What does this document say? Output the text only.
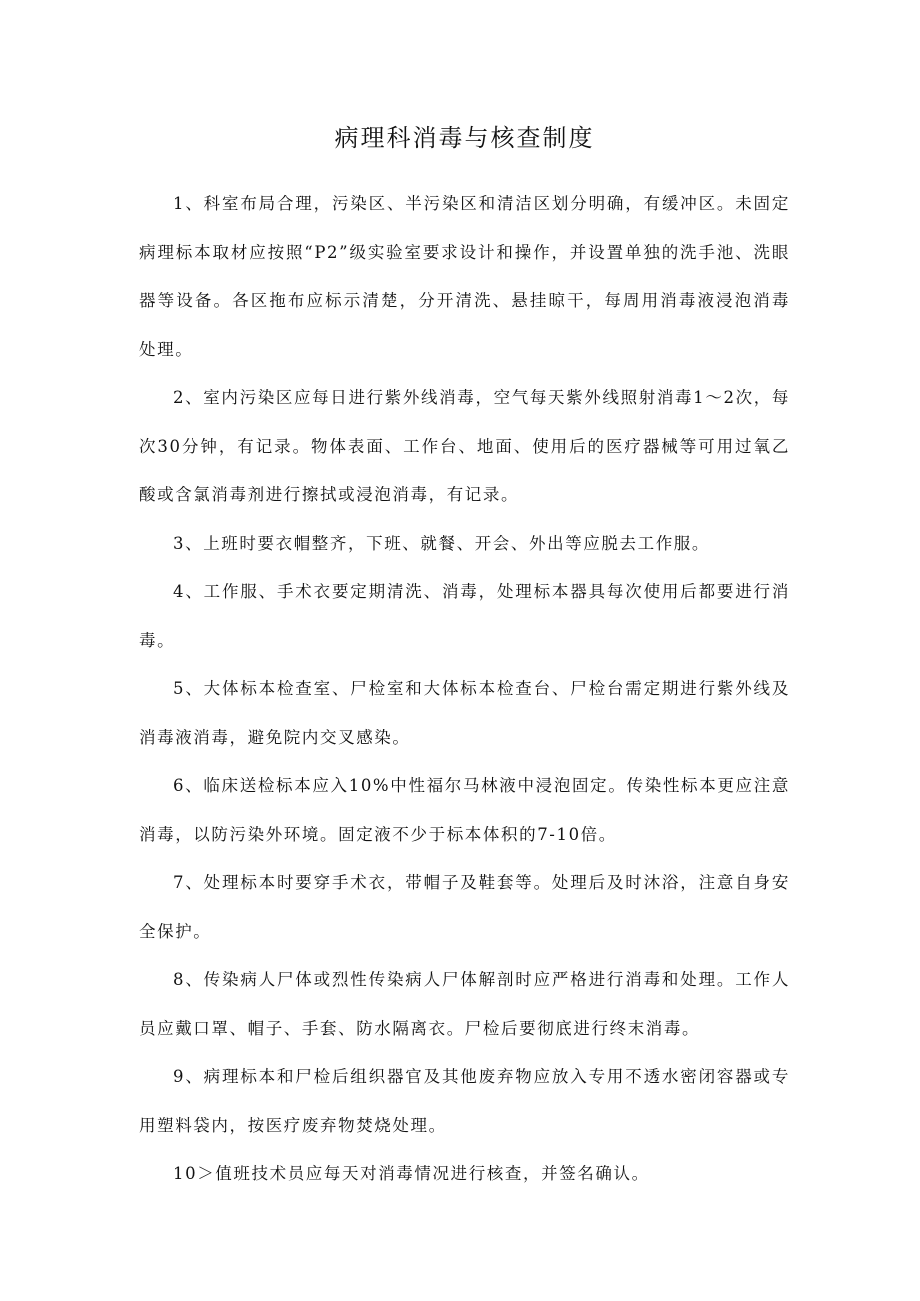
病理科消毒与核查制度

1、科室布局合理，污染区、半污染区和清洁区划分明确，有缓冲区。未固定病理标本取材应按照“P2”级实验室要求设计和操作，并设置单独的洗手池、洗眼器等设备。各区拖布应标示清楚，分开清洗、悬挂晾干，每周用消毒液浸泡消毒处理。

2、室内污染区应每日进行紫外线消毒，空气每天紫外线照射消毒1～2次，每次30分钟，有记录。物体表面、工作台、地面、使用后的医疗器械等可用过氧乙酸或含氯消毒剂进行擦拭或浸泡消毒，有记录。

3、上班时要衣帽整齐，下班、就餐、开会、外出等应脱去工作服。

4、工作服、手术衣要定期清洗、消毒，处理标本器具每次使用后都要进行消毒。

5、大体标本检查室、尸检室和大体标本检查台、尸检台需定期进行紫外线及消毒液消毒，避免院内交叉感染。

6、临床送检标本应入10%中性福尔马林液中浸泡固定。传染性标本更应注意消毒，以防污染外环境。固定液不少于标本体积的7-10倍。

7、处理标本时要穿手术衣，带帽子及鞋套等。处理后及时沐浴，注意自身安全保护。

8、传染病人尸体或烈性传染病人尸体解剖时应严格进行消毒和处理。工作人员应戴口罩、帽子、手套、防水隔离衣。尸检后要彻底进行终末消毒。

9、病理标本和尸检后组织器官及其他废弃物应放入专用不透水密闭容器或专用塑料袋内，按医疗废弃物焚烧处理。

10＞值班技术员应每天对消毒情况进行核查，并签名确认。
